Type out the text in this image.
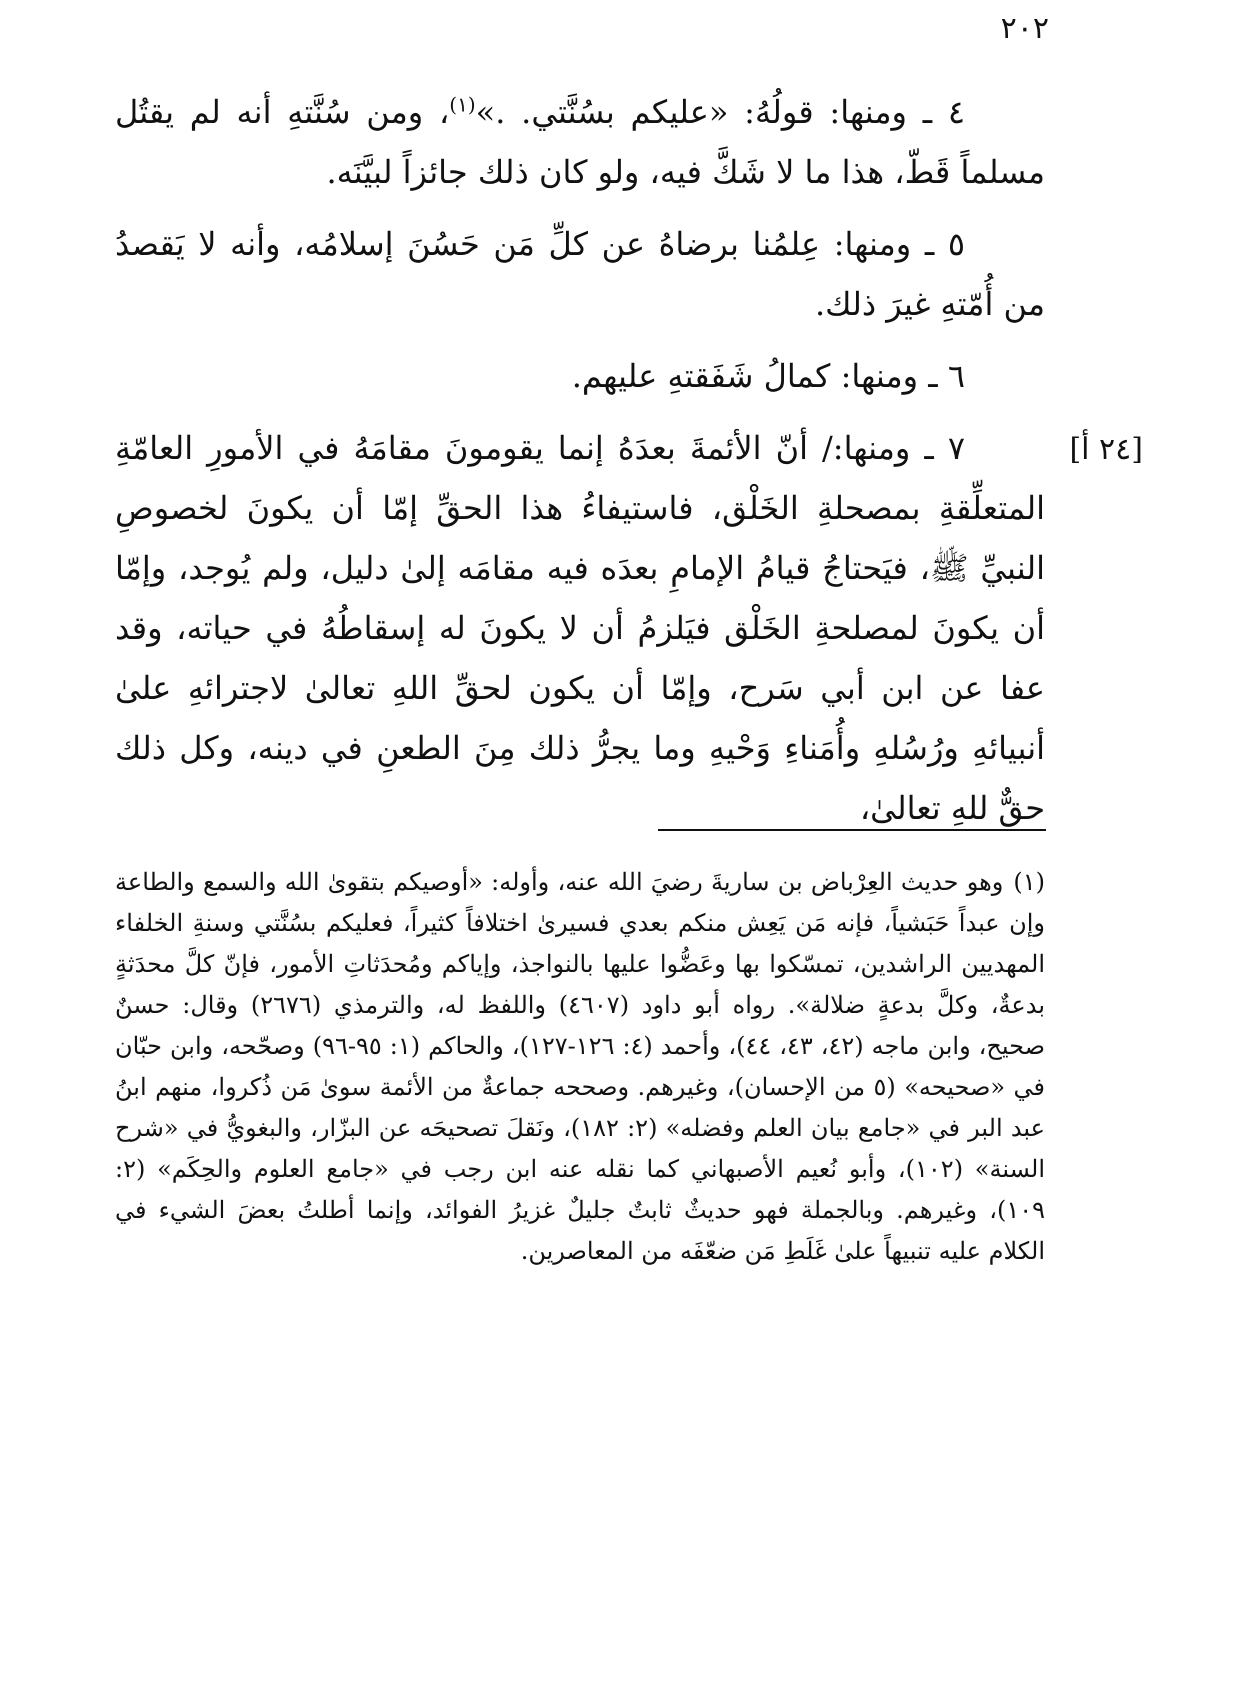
٢٠٢
[٢٤ أ]

٤ ـ ومنها: قولُهُ: «عليكم بسُنَّتي. .»$^{(١)}$، ومن سُنَّتهِ أنه لم يقتُل مسلماً قَطّ، هذا ما لا شَكَّ فيه، ولو كان ذلك جائزاً لبيَّنَه.

٥ ـ ومنها: عِلمُنا برضاهُ عن كلِّ مَن حَسُنَ إسلامُه، وأنه لا يَقصدُ من أُمّتهِ غيرَ ذلك.

٦ ـ ومنها: كمالُ شَفَقتهِ عليهم.

٧ ـ ومنها:/ أنّ الأئمةَ بعدَهُ إنما يقومونَ مقامَهُ في الأمورِ العامّةِ المتعلِّقةِ بمصحلةِ الخَلْق، فاستيفاءُ هذا الحقِّ إمّا أن يكونَ لخصوصِ النبيِّ ﷺ، فيَحتاجُ قيامُ الإمامِ بعدَه فيه مقامَه إلىٰ دليل، ولم يُوجد، وإمّا أن يكونَ لمصلحةِ الخَلْق فيَلزمُ أن لا يكونَ له إسقاطُهُ في حياته، وقد عفا عن ابن أبي سَرح، وإمّا أن يكون لحقِّ اللهِ تعالىٰ لاجترائهِ علىٰ أنبيائهِ ورُسُلهِ وأُمَناءِ وَحْيهِ وما يجرُّ ذلك مِنَ الطعنِ في دينه، وكل ذلك حقٌّ للهِ تعالىٰ،

(١)وهو حديث العِرْباض بن ساريةَ رضيَ الله عنه، وأوله: «أوصيكم بتقوىٰ الله والسمع والطاعة وإن عبداً حَبَشياً، فإنه مَن يَعِش منكم بعدي فسيرىٰ اختلافاً كثيراً، فعليكم بسُنَّتي وسنةِ الخلفاء المهديين الراشدين، تمسّكوا بها وعَضُّوا عليها بالنواجذ، وإياكم ومُحدَثاتِ الأمور، فإنّ كلَّ محدَثةٍ بدعةٌ، وكلَّ بدعةٍ ضلالة». رواه أبو داود (٤٦٠٧) واللفظ له، والترمذي (٢٦٧٦) وقال: حسنٌ صحيح، وابن ماجه (٤٢، ٤٣، ٤٤)، وأحمد (٤: ١٢٦-١٢٧)، والحاكم (١: ٩٥-٩٦) وصحّحه، وابن حبّان في «صحيحه» (٥ من الإحسان)، وغيرهم. وصححه جماعةٌ من الأئمة سوىٰ مَن ذُكروا، منهم ابنُ عبد البر في «جامع بيان العلم وفضله» (٢: ١٨٢)، ونَقلَ تصحيحَه عن البزّار، والبغويُّ في «شرح السنة» (١٠٢)، وأبو نُعيم الأصبهاني كما نقله عنه ابن رجب في «جامع العلوم والحِكَم» (٢: ١٠٩)، وغيرهم. وبالجملة فهو حديثٌ ثابتٌ جليلٌ غزيرُ الفوائد، وإنما أطلتُ بعضَ الشيء في الكلام عليه تنبيهاً علىٰ غَلَطِ مَن ضعّفَه من المعاصرين.
